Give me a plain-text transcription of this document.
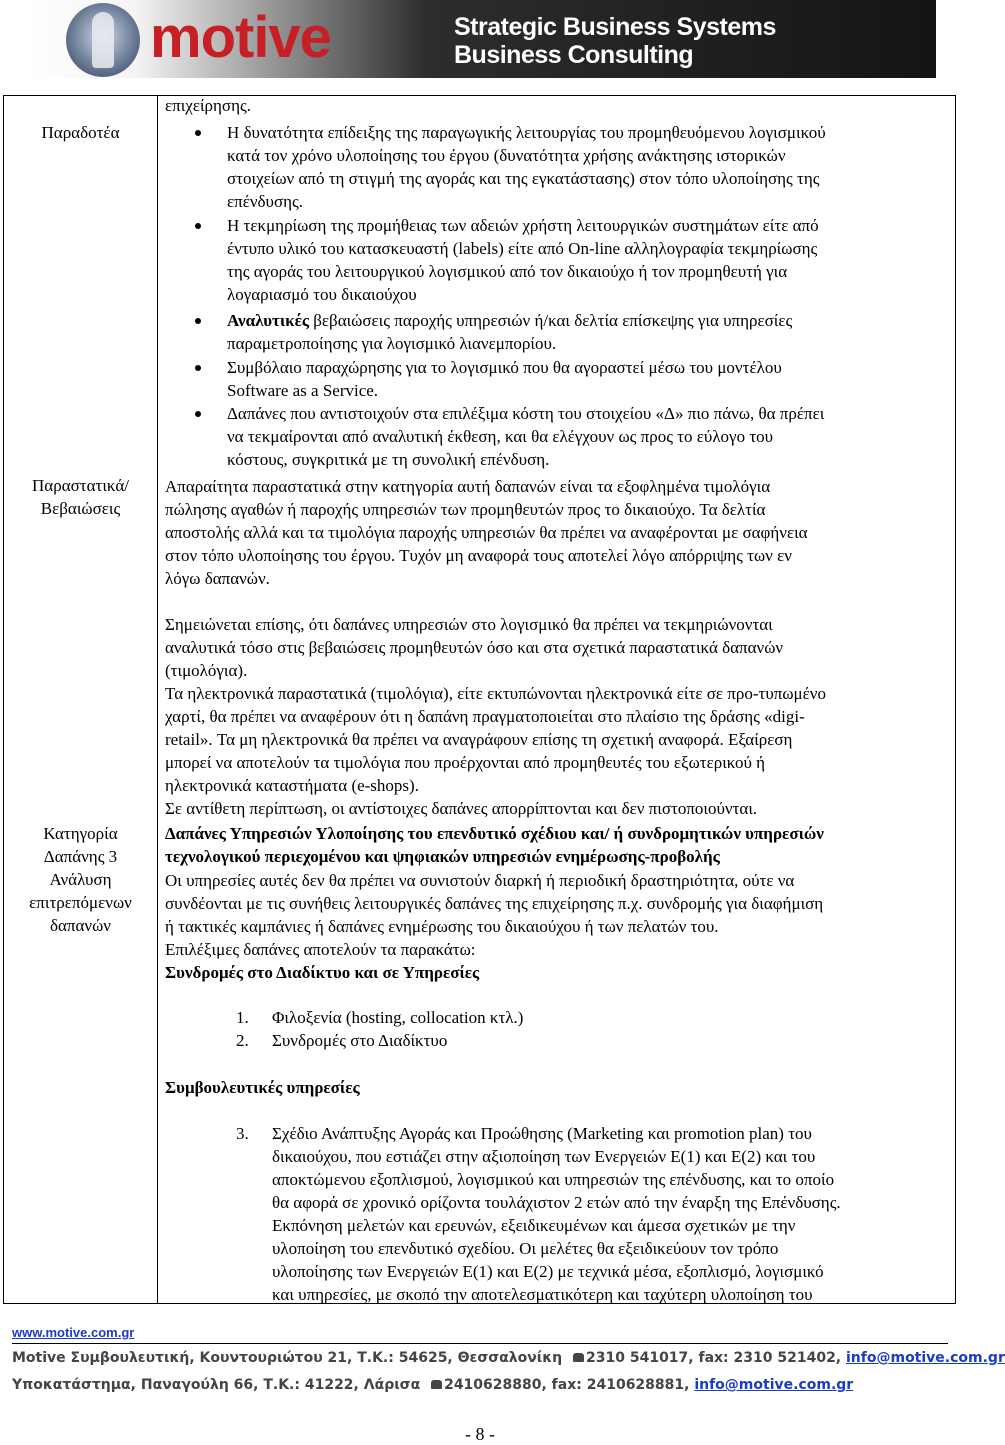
motive	Strategic Business Systems
Business Consulting
Παραδοτέα
Παραστατικά/
Βεβαιώσεις
Κατηγορία
Δαπάνης 3
Ανάλυση
επιτρεπόμενων
δαπανών
επιχείρησης.
Η δυνατότητα επίδειξης της παραγωγικής λειτουργίας του προμηθευόμενου λογισμικού
κατά τον χρόνο υλοποίησης του έργου (δυνατότητα χρήσης ανάκτησης ιστορικών
στοιχείων από τη στιγμή της αγοράς και της εγκατάστασης) στον τόπο υλοποίησης της
επένδυσης.
Η τεκμηρίωση της προμήθειας των αδειών χρήστη λειτουργικών συστημάτων είτε από
έντυπο υλικό του κατασκευαστή (labels) είτε από On-line αλληλογραφία τεκμηρίωσης
της αγοράς του λειτουργικού λογισμικού από τον δικαιούχο ή τον προμηθευτή για
λογαριασμό του δικαιούχου
Αναλυτικές βεβαιώσεις παροχής υπηρεσιών ή/και δελτία επίσκεψης για υπηρεσίες
παραμετροποίησης για λογισμικό λιανεμπορίου.
Συμβόλαιο παραχώρησης για το λογισμικό που θα αγοραστεί μέσω του μοντέλου
Software as a Service.
Δαπάνες που αντιστοιχούν στα επιλέξιμα κόστη του στοιχείου «Δ» πιο πάνω, θα πρέπει
να τεκμαίρονται από αναλυτική έκθεση, και θα ελέγχουν ως προς το εύλογο του
κόστους, συγκριτικά με τη συνολική επένδυση.
Απαραίτητα παραστατικά στην κατηγορία αυτή δαπανών είναι τα εξοφλημένα τιμολόγια
πώλησης αγαθών ή παροχής υπηρεσιών των προμηθευτών προς το δικαιούχο. Τα δελτία
αποστολής αλλά και τα τιμολόγια παροχής υπηρεσιών θα πρέπει να αναφέρονται με σαφήνεια
στον τόπο υλοποίησης του έργου. Τυχόν μη αναφορά τους αποτελεί λόγο απόρριψης των εν
λόγω δαπανών.
Σημειώνεται επίσης, ότι δαπάνες υπηρεσιών στο λογισμικό θα πρέπει να τεκμηριώνονται
αναλυτικά τόσο στις βεβαιώσεις προμηθευτών όσο και στα σχετικά παραστατικά δαπανών
(τιμολόγια).
Τα ηλεκτρονικά παραστατικά (τιμολόγια), είτε εκτυπώνονται ηλεκτρονικά είτε σε προ-τυπωμένο
χαρτί, θα πρέπει να αναφέρουν ότι η δαπάνη πραγματοποιείται στο πλαίσιο της δράσης «digi-
retail». Τα μη ηλεκτρονικά θα πρέπει να αναγράφουν επίσης τη σχετική αναφορά. Εξαίρεση
μπορεί να αποτελούν τα τιμολόγια που προέρχονται από προμηθευτές του εξωτερικού ή
ηλεκτρονικά καταστήματα (e-shops).
Σε αντίθετη περίπτωση, οι αντίστοιχες δαπάνες απορρίπτονται και δεν πιστοποιούνται.
Δαπάνες Υπηρεσιών Υλοποίησης του επενδυτικό σχέδιου και/ ή συνδρομητικών υπηρεσιών
τεχνολογικού περιεχομένου και ψηφιακών υπηρεσιών ενημέρωσης-προβολής
Οι υπηρεσίες αυτές δεν θα πρέπει να συνιστούν διαρκή ή περιοδική δραστηριότητα, ούτε να
συνδέονται με τις συνήθεις λειτουργικές δαπάνες της επιχείρησης π.χ. συνδρομής για διαφήμιση
ή τακτικές καμπάνιες ή δαπάνες ενημέρωσης του δικαιούχου ή των πελατών του.
Επιλέξιμες δαπάνες αποτελούν τα παρακάτω:
Συνδρομές στο Διαδίκτυο και σε Υπηρεσίες
1. Φιλοξενία (hosting, collocation κτλ.)
2. Συνδρομές στο Διαδίκτυο
Συμβουλευτικές υπηρεσίες
3. Σχέδιο Ανάπτυξης Αγοράς και Προώθησης (Marketing και promotion plan) του
δικαιούχου, που εστιάζει στην αξιοποίηση των Ενεργειών Ε(1) και Ε(2) και του
αποκτώμενου εξοπλισμού, λογισμικού και υπηρεσιών της επένδυσης, και το οποίο
θα αφορά σε χρονικό ορίζοντα τουλάχιστον 2 ετών από την έναρξη της Επένδυσης.
Εκπόνηση μελετών και ερευνών, εξειδικευμένων και άμεσα σχετικών με την
υλοποίηση του επενδυτικό σχεδίου. Οι μελέτες θα εξειδικεύουν τον τρόπο
υλοποίησης των Ενεργειών Ε(1) και Ε(2) με τεχνικά μέσα, εξοπλισμό, λογισμικό
και υπηρεσίες, με σκοπό την αποτελεσματικότερη και ταχύτερη υλοποίηση του
www.motive.com.gr
Motive Συμβουλευτική, Κουντουριώτου 21, Τ.Κ.: 54625, Θεσσαλονίκη 2310 541017, fax: 2310 521402, info@motive.com.gr
Υποκατάστημα, Παναγούλη 66, Τ.Κ.: 41222, Λάρισα 2410628880, fax: 2410628881, info@motive.com.gr
- 8 -
